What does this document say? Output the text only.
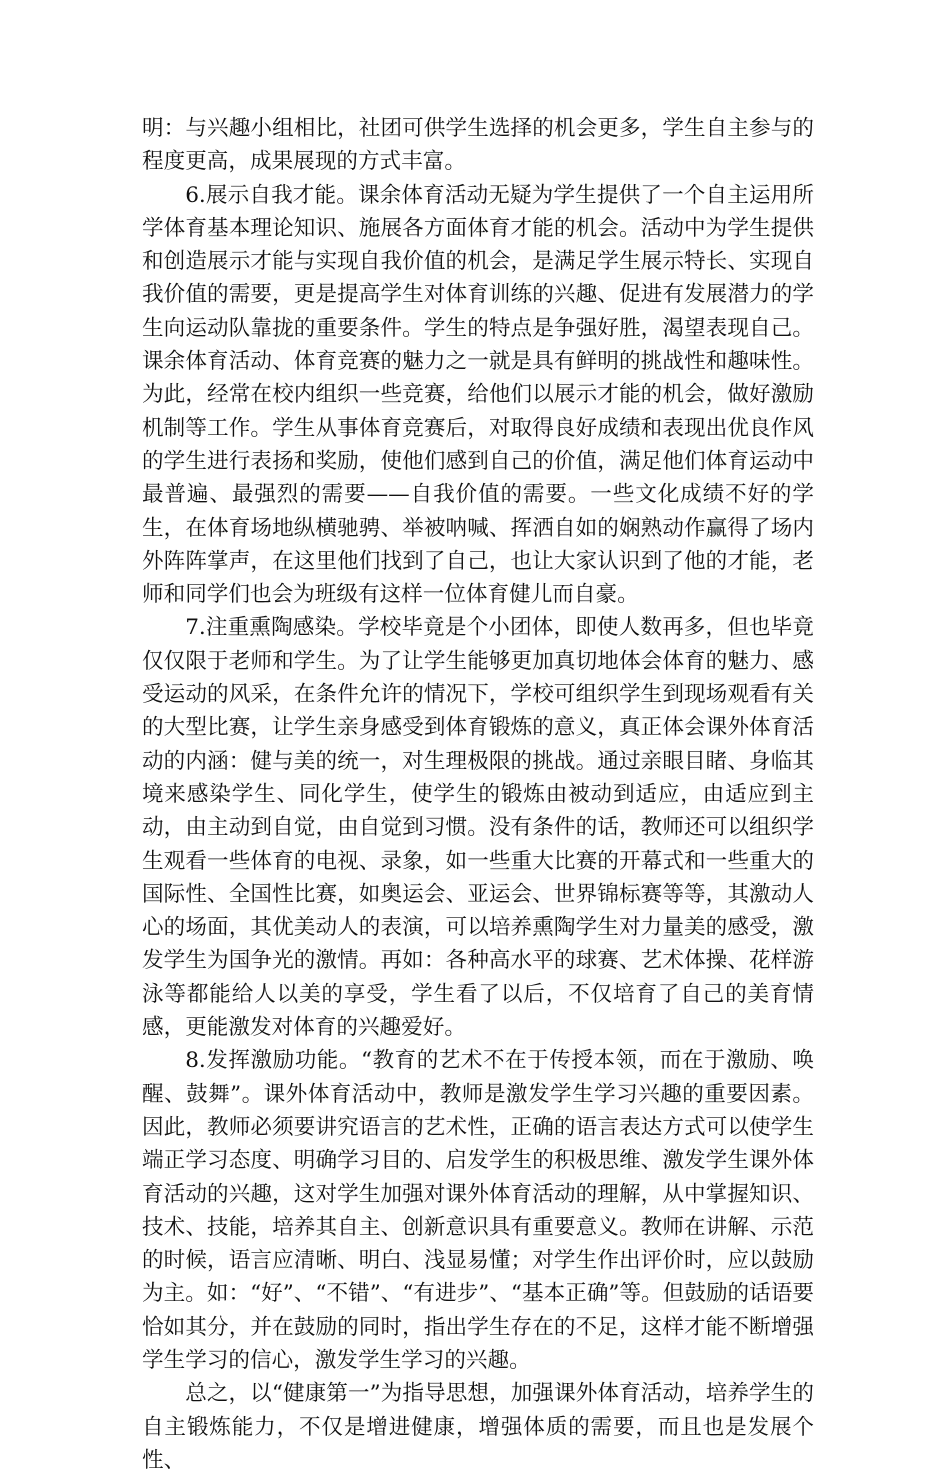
明：与兴趣小组相比，社团可供学生选择的机会更多，学生自主参与的程度更高，成果展现的方式丰富。

6.展示自我才能。课余体育活动无疑为学生提供了一个自主运用所学体育基本理论知识、施展各方面体育才能的机会。活动中为学生提供和创造展示才能与实现自我价值的机会，是满足学生展示特长、实现自我价值的需要，更是提高学生对体育训练的兴趣、促进有发展潜力的学生向运动队靠拢的重要条件。学生的特点是争强好胜，渴望表现自己。课余体育活动、体育竞赛的魅力之一就是具有鲜明的挑战性和趣味性。为此，经常在校内组织一些竞赛，给他们以展示才能的机会，做好激励机制等工作。学生从事体育竞赛后，对取得良好成绩和表现出优良作风的学生进行表扬和奖励，使他们感到自己的价值，满足他们体育运动中最普遍、最强烈的需要——自我价值的需要。一些文化成绩不好的学生，在体育场地纵横驰骋、举被呐喊、挥洒自如的娴熟动作赢得了场内外阵阵掌声，在这里他们找到了自己，也让大家认识到了他的才能，老师和同学们也会为班级有这样一位体育健儿而自豪。

7.注重熏陶感染。学校毕竟是个小团体，即使人数再多，但也毕竟仅仅限于老师和学生。为了让学生能够更加真切地体会体育的魅力、感受运动的风采，在条件允许的情况下，学校可组织学生到现场观看有关的大型比赛，让学生亲身感受到体育锻炼的意义，真正体会课外体育活动的内涵：健与美的统一，对生理极限的挑战。通过亲眼目睹、身临其境来感染学生、同化学生，使学生的锻炼由被动到适应，由适应到主动，由主动到自觉，由自觉到习惯。没有条件的话，教师还可以组织学生观看一些体育的电视、录象，如一些重大比赛的开幕式和一些重大的国际性、全国性比赛，如奥运会、亚运会、世界锦标赛等等，其激动人心的场面，其优美动人的表演，可以培养熏陶学生对力量美的感受，激发学生为国争光的激情。再如：各种高水平的球赛、艺术体操、花样游泳等都能给人以美的享受，学生看了以后，不仅培育了自己的美育情感，更能激发对体育的兴趣爱好。

8.发挥激励功能。“教育的艺术不在于传授本领，而在于激励、唤醒、鼓舞”。课外体育活动中，教师是激发学生学习兴趣的重要因素。因此，教师必须要讲究语言的艺术性，正确的语言表达方式可以使学生端正学习态度、明确学习目的、启发学生的积极思维、激发学生课外体育活动的兴趣，这对学生加强对课外体育活动的理解，从中掌握知识、技术、技能，培养其自主、创新意识具有重要意义。教师在讲解、示范的时候，语言应清晰、明白、浅显易懂；对学生作出评价时，应以鼓励为主。如：“好”、“不错”、“有进步”、“基本正确”等。但鼓励的话语要恰如其分，并在鼓励的同时，指出学生存在的不足，这样才能不断增强学生学习的信心，激发学生学习的兴趣。

总之，以“健康第一”为指导思想，加强课外体育活动，培养学生的自主锻炼能力，不仅是增进健康，增强体质的需要，而且也是发展个性、
